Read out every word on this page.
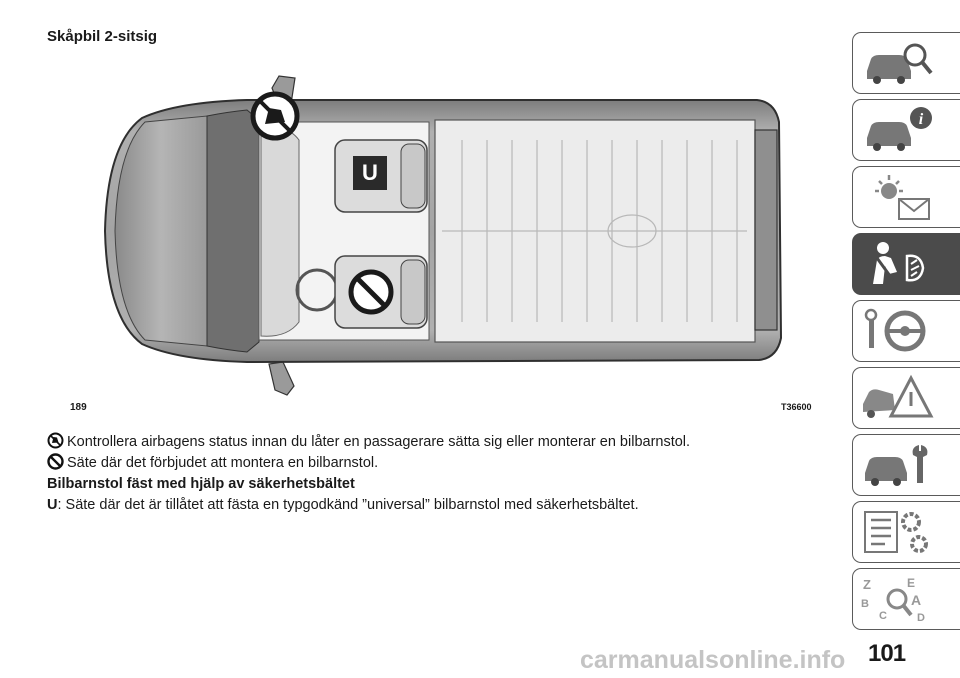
Skåpbil 2-sitsig
U
189	T36600

Kontrollera airbagens status innan du låter en passagerare sätta sig eller monterar en bilbarnstol.

Säte där det förbjudet att montera en bilbarnstol.

Bilbarnstol fäst med hjälp av säkerhetsbältet

U: Säte där det är tillåtet att fästa en typgodkänd ”universal” bilbarnstol med säkerhetsbältet.

i
Z	E
B	A
C	D
carmanualsonline.info 101
